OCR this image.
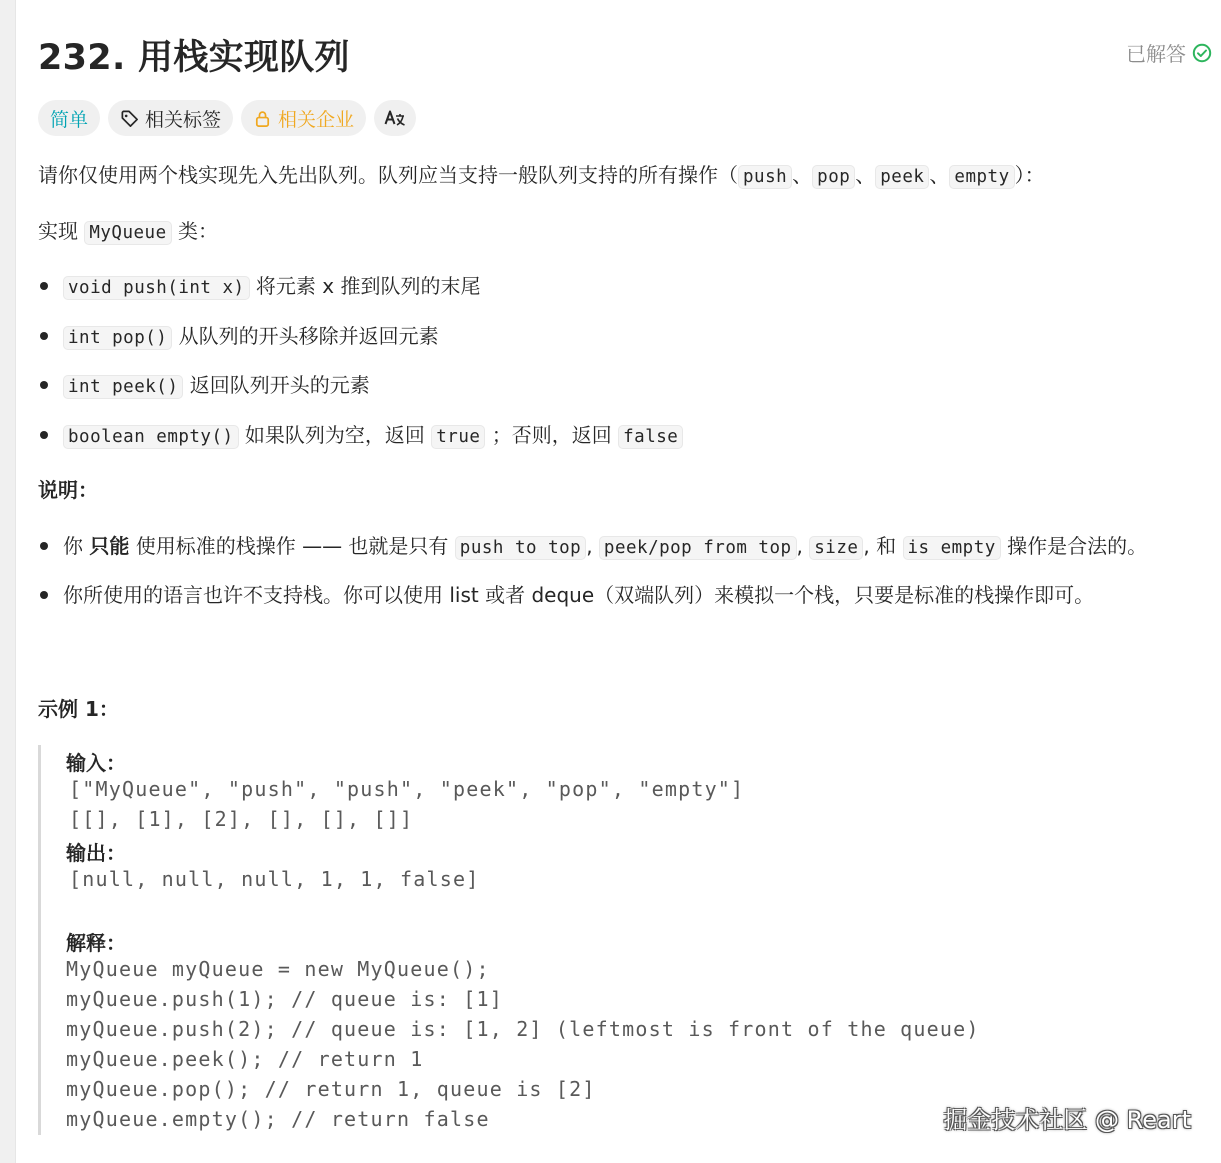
232. 用栈实现队列	已解答
简单	相关标签	相关企业
请你仅使用两个栈实现先入先出队列。队列应当支持一般队列支持的所有操作（ push 、 pop 、 peek 、 empty ）：
实现 MyQueue 类：
void push(int x) 将元素 x 推到队列的末尾
int pop() 从队列的开头移除并返回元素
int peek() 返回队列开头的元素
boolean empty() 如果队列为空，返回 true ；否则，返回 false
说明：
你 只能 使用标准的栈操作 —— 也就是只有 push to top , peek/pop from top , size , 和 is empty 操作是合法的。
你所使用的语言也许不支持栈。你可以使用 list 或者 deque（双端队列）来模拟一个栈，只要是标准的栈操作即可。
示例 1：
输入：
["MyQueue", "push", "push", "peek", "pop", "empty"]
[[], [1], [2], [], [], []]
输出：
[null, null, null, 1, 1, false]
解释：
MyQueue myQueue = new MyQueue();
myQueue.push(1); // queue is: [1]
myQueue.push(2); // queue is: [1, 2] (leftmost is front of the queue)
myQueue.peek(); // return 1
myQueue.pop(); // return 1, queue is [2]
myQueue.empty(); // return false	掘金技术社区 @ Reart
